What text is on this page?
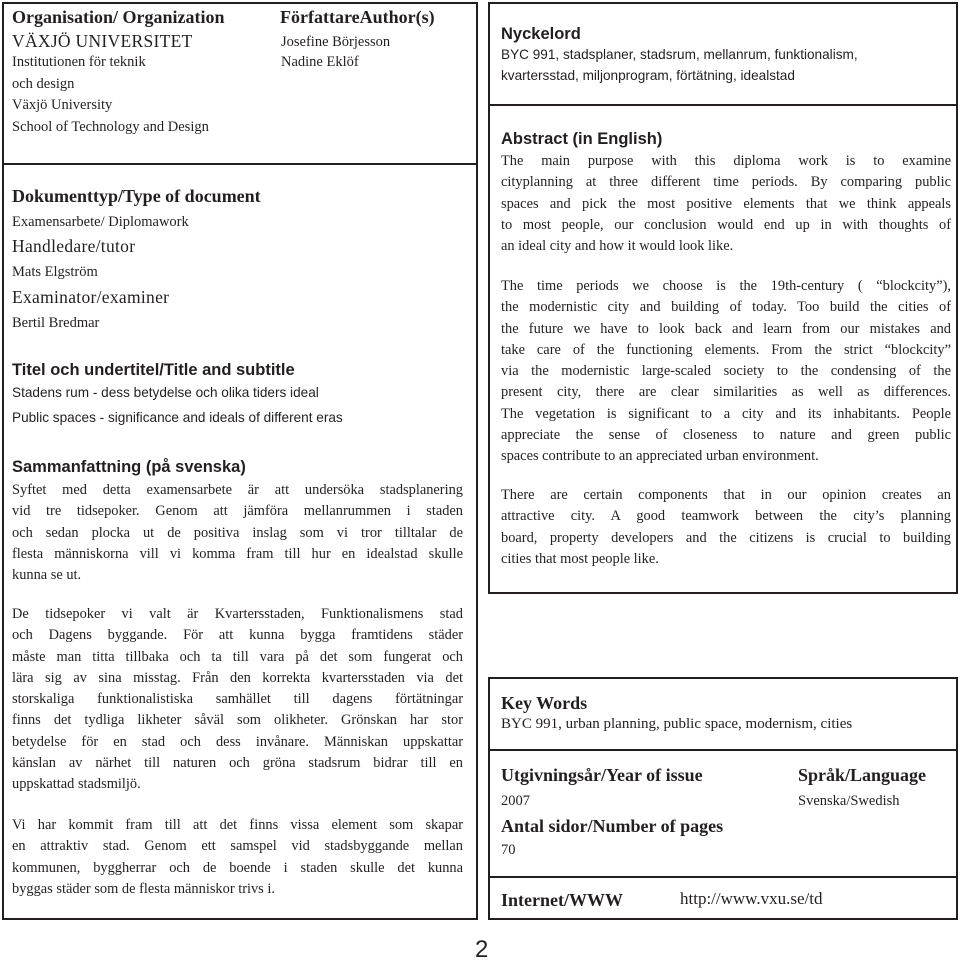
Organisation/ Organization
VÄXJÖ UNIVERSITET
Institutionen för teknik
och design
Växjö University
School of Technology and Design
FörfattareAuthor(s)
Josefine Börjesson
Nadine Eklöf
Dokumenttyp/Type of document
Examensarbete/ Diplomawork
Handledare/tutor
Mats Elgström
Examinator/examiner
Bertil Bredmar
Titel och undertitel/Title and subtitle
Stadens rum - dess betydelse och olika tiders ideal
Public spaces - significance and ideals of different eras
Sammanfattning (på svenska)
Syftet med detta examensarbete är att undersöka stadsplanering
vid tre tidsepoker. Genom att jämföra mellanrummen i staden
och sedan plocka ut de positiva inslag som vi tror tilltalar de
flesta människorna vill vi komma fram till hur en idealstad skulle
kunna se ut.
De tidsepoker vi valt är Kvartersstaden, Funktionalismens stad
och Dagens byggande. För att kunna bygga framtidens städer
måste man titta tillbaka och ta till vara på det som fungerat och
lära sig av sina misstag. Från den korrekta kvartersstaden via det
storskaliga funktionalistiska samhället till dagens förtätningar
finns det tydliga likheter såväl som olikheter. Grönskan har stor
betydelse för en stad och dess invånare. Människan uppskattar
känslan av närhet till naturen och gröna stadsrum bidrar till en
uppskattad stadsmiljö.
Vi har kommit fram till att det finns vissa element som skapar
en attraktiv stad. Genom ett samspel vid stadsbyggande mellan
kommunen, byggherrar och de boende i staden skulle det kunna
byggas städer som de flesta människor trivs i.
Nyckelord
BYC 991, stadsplaner, stadsrum, mellanrum, funktionalism,
kvartersstad, miljonprogram, förtätning, idealstad
Abstract (in English)
The main purpose with this diploma work is to examine
cityplanning at three different time periods. By comparing public
spaces and pick the most positive elements that we think appeals
to most people, our conclusion would end up in with thoughts of
an ideal city and how it would look like.
The time periods we choose is the 19th-century ( “blockcity”),
the modernistic city and building of today. Too build the cities of
the future we have to look back and learn from our mistakes and
take care of the functioning elements. From the strict “blockcity”
via the modernistic large-scaled society to the condensing of the
present city, there are clear similarities as well as differences.
The vegetation is significant to a city and its inhabitants. People
appreciate the sense of closeness to nature and green public
spaces contribute to an appreciated urban environment.
There are certain components that in our opinion creates an
attractive city. A good teamwork between the city’s planning
board, property developers and the citizens is crucial to building
cities that most people like.
Key Words
BYC 991, urban planning, public space, modernism, cities
Utgivningsår/Year of issue
2007
Språk/Language
Svenska/Swedish
Antal sidor/Number of pages
70
Internet/WWW	http://www.vxu.se/td
2
